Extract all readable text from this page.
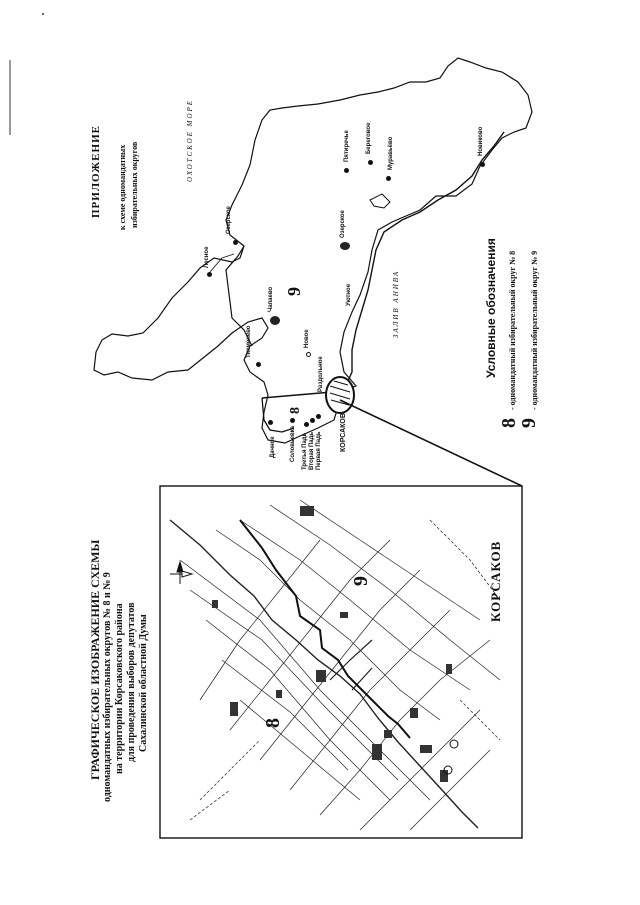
ГРАФИЧЕСКОЕ ИЗОБРАЖЕНИЕ СХЕМЫ одномандатных избирательных округов № 8 и № 9 на территории Корсаковского района для проведения выборов депутатов Сахалинской областной Думы
ПРИЛОЖЕНИЕ к схеме одномандатных избирательных округов
ОХОТСКОЕ МОРЕ
ЗАЛИВ АНИВА
9
8
Лесное
Озерское
Тихменево
Чапаево
Новое
Озерское
Уютное
Пятиречье	Береговое	Муравьёво	Новиково
Дачное Соловьевка Третья Падь Вторая Падь Первая Падь
Раздольное
КОРСАКОВ
КОРСАКОВ
8
9
Условные обозначения
8
- одномандатный избирательный округ № 8
9
- одномандатный избирательный округ № 9
